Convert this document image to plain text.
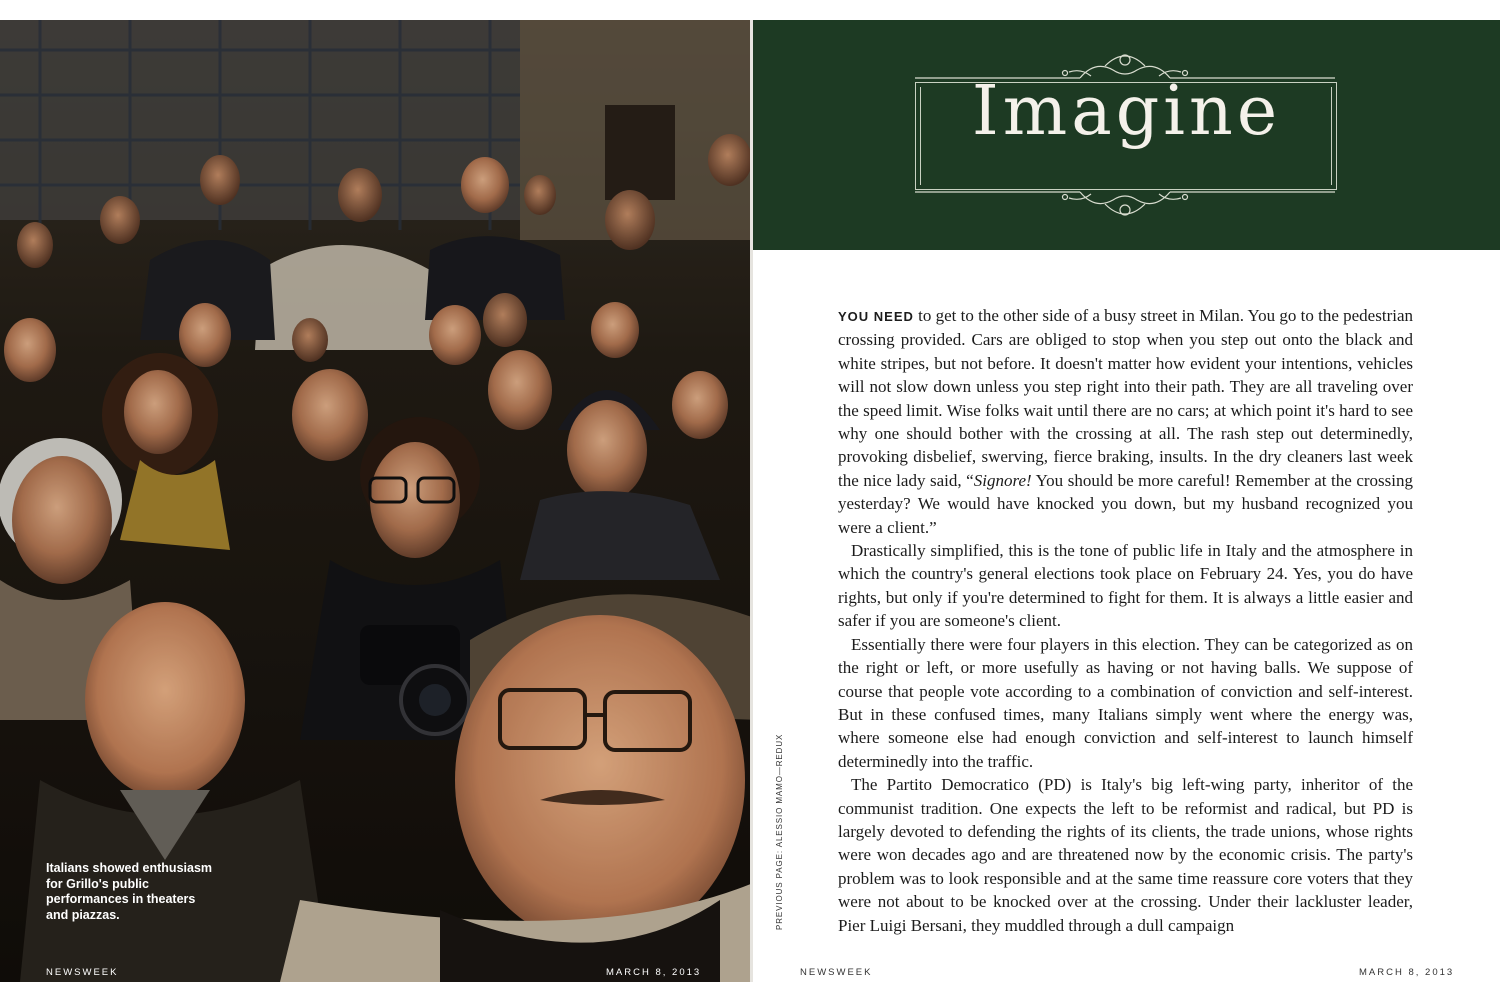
Italians showed enthusiasm for Grillo's public performances in theaters and piazzas.
NEWSWEEK	MARCH 8, 2013
PREVIOUS PAGE: ALESSIO MAMO—REDUX
Imagine

YOU NEED to get to the other side of a busy street in Milan. You go to the pedestrian crossing provided. Cars are obliged to stop when you step out onto the black and white stripes, but not before. It doesn't matter how evident your intentions, vehicles will not slow down unless you step right into their path. They are all traveling over the speed limit. Wise folks wait until there are no cars; at which point it's hard to see why one should bother with the crossing at all. The rash step out determinedly, provoking disbelief, swerving, fierce braking, insults. In the dry cleaners last week the nice lady said, “Signore! You should be more careful! Remember at the crossing yesterday? We would have knocked you down, but my husband recognized you were a client.”

Drastically simplified, this is the tone of public life in Italy and the atmosphere in which the country's general elections took place on February 24. Yes, you do have rights, but only if you're determined to fight for them. It is always a little easier and safer if you are someone's client.

Essentially there were four players in this election. They can be categorized as on the right or left, or more usefully as having or not having balls. We suppose of course that people vote according to a combination of conviction and self-interest. But in these confused times, many Italians simply went where the energy was, where someone else had enough conviction and self-interest to launch himself determinedly into the traffic.

The Partito Democratico (PD) is Italy's big left-wing party, inheritor of the communist tradition. One expects the left to be reformist and radical, but PD is largely devoted to defending the rights of its clients, the trade unions, whose rights were won decades ago and are threatened now by the economic crisis. The party's problem was to look responsible and at the same time reassure core voters that they were not about to be knocked over at the crossing. Under their lackluster leader, Pier Luigi Bersani, they muddled through a dull campaign

NEWSWEEK	MARCH 8, 2013
